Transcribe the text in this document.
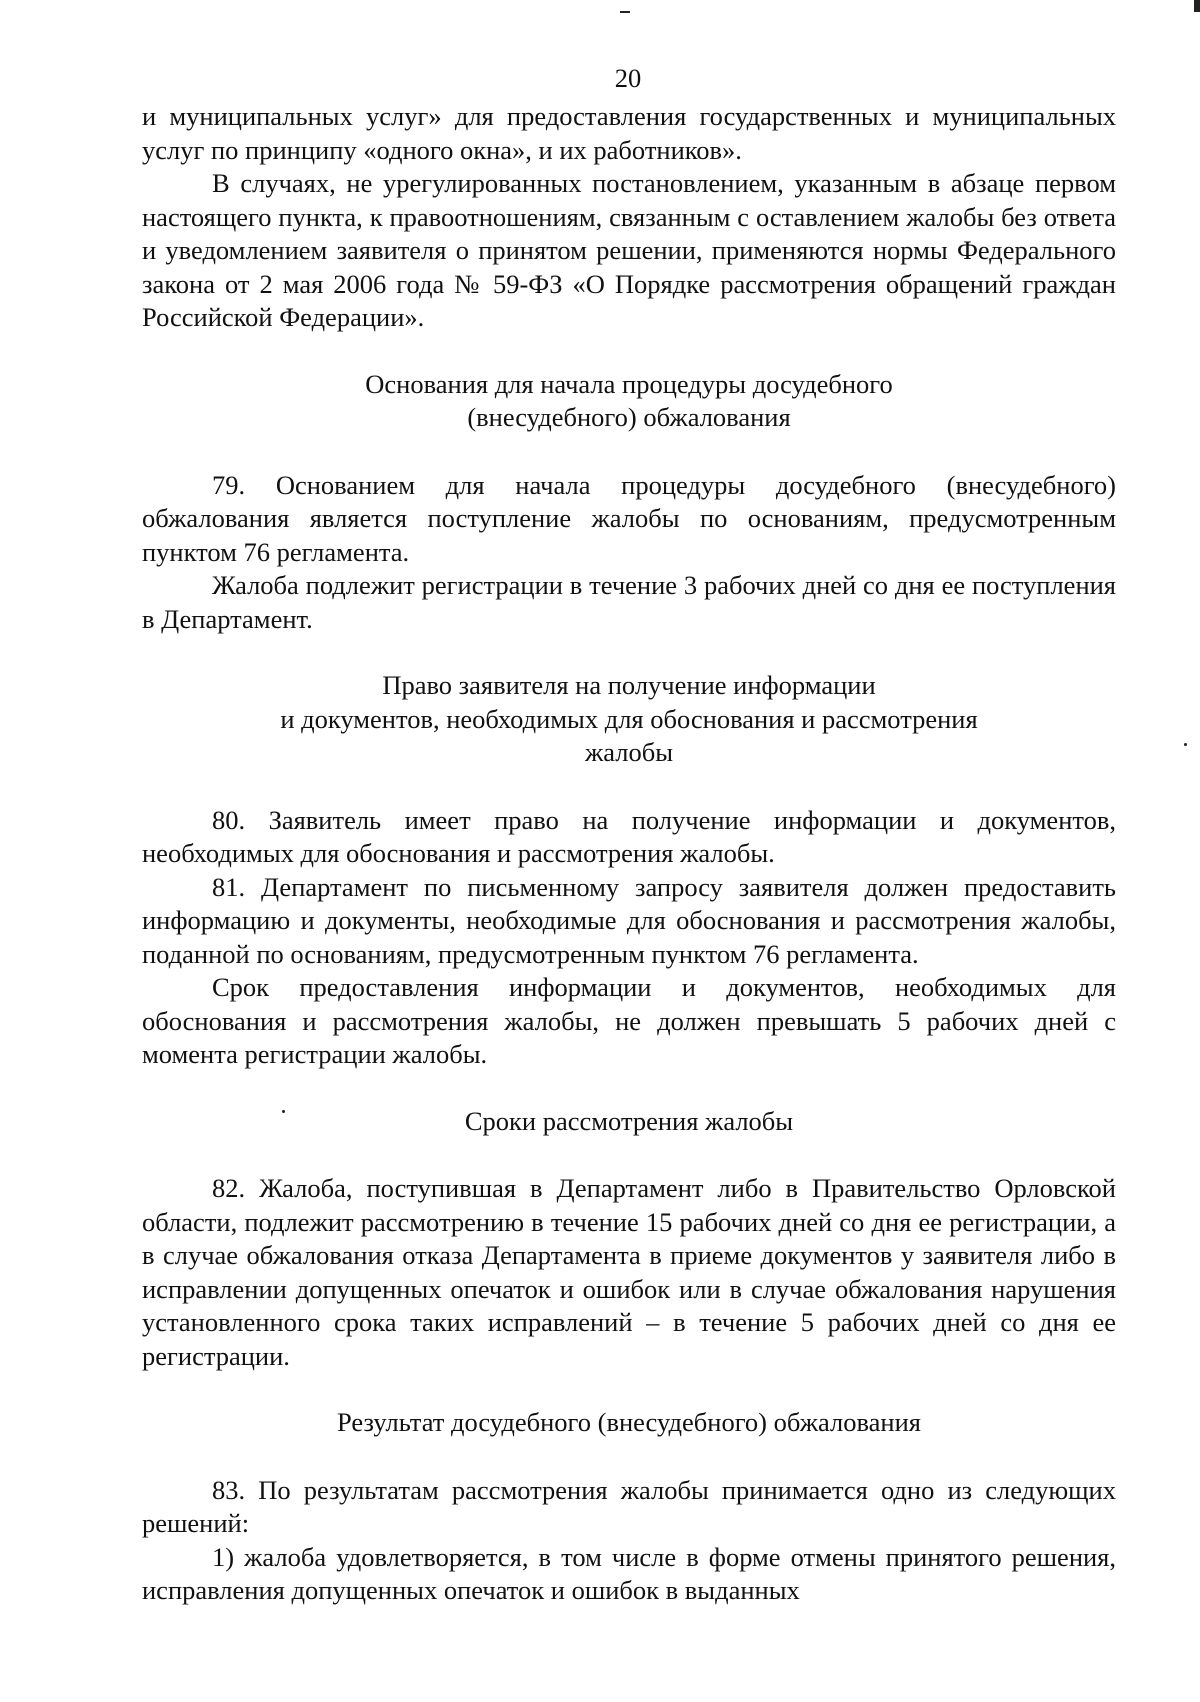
20

и муниципальных услуг» для предоставления государственных и муниципальных услуг по принципу «одного окна», и их работников».

В случаях, не урегулированных постановлением, указанным в абзаце первом настоящего пункта, к правоотношениям, связанным с оставлением жалобы без ответа и уведомлением заявителя о принятом решении, применяются нормы Федерального закона от 2 мая 2006 года № 59-ФЗ «О Порядке рассмотрения обращений граждан Российской Федерации».

Основания для начала процедуры досудебного
(внесудебного) обжалования

79. Основанием для начала процедуры досудебного (внесудебного) обжалования является поступление жалобы по основаниям, предусмотренным пунктом 76 регламента.

Жалоба подлежит регистрации в течение 3 рабочих дней со дня ее поступления в Департамент.

Право заявителя на получение информации
и документов, необходимых для обоснования и рассмотрения
жалобы

80. Заявитель имеет право на получение информации и документов, необходимых для обоснования и рассмотрения жалобы.

81. Департамент по письменному запросу заявителя должен предоставить информацию и документы, необходимые для обоснования и рассмотрения жалобы, поданной по основаниям, предусмотренным пунктом 76 регламента.

Срок предоставления информации и документов, необходимых для обоснования и рассмотрения жалобы, не должен превышать 5 рабочих дней с момента регистрации жалобы.

Сроки рассмотрения жалобы

82. Жалоба, поступившая в Департамент либо в Правительство Орловской области, подлежит рассмотрению в течение 15 рабочих дней со дня ее регистрации, а в случае обжалования отказа Департамента в приеме документов у заявителя либо в исправлении допущенных опечаток и ошибок или в случае обжалования нарушения установленного срока таких исправлений – в течение 5 рабочих дней со дня ее регистрации.

Результат досудебного (внесудебного) обжалования

83. По результатам рассмотрения жалобы принимается одно из следующих решений:

1) жалоба удовлетворяется, в том числе в форме отмены принятого решения, исправления допущенных опечаток и ошибок в выданных
